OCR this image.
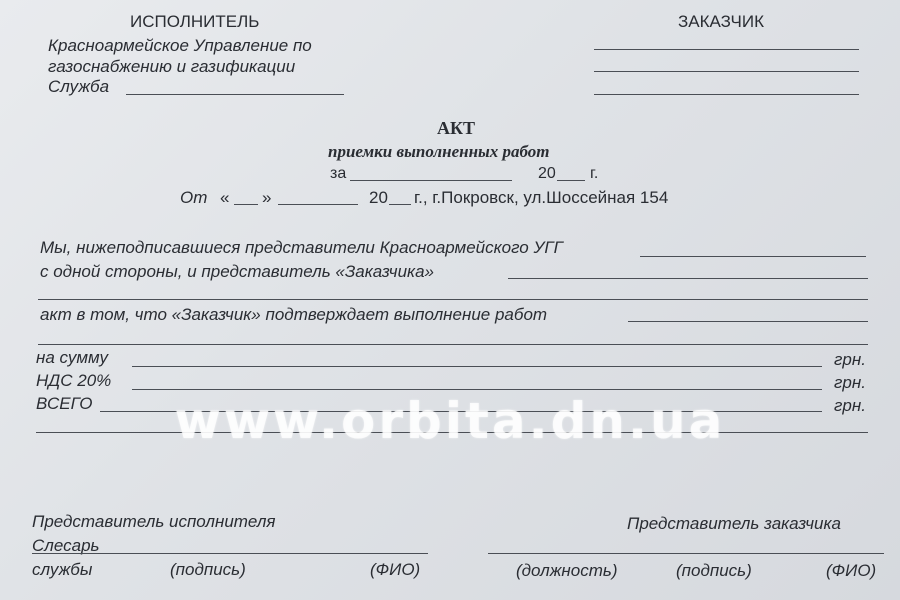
ИСПОЛНИТЕЛЬ
Красноармейское Управление по
газоснабжению и газификации
Служба
ЗАКАЗЧИК
АКТ
приемки выполненных работ
за	20 г.
От « »	20 г., г.Покровск, ул.Шоссейная 154
Мы, нижеподписавшиеся представители Красноармейского УГГ
с одной стороны, и представитель «Заказчика»
акт в том, что «Заказчик» подтверждает выполнение работ
на сумму	грн.
НДС 20%	грн.
ВСЕГО	грн.
www.orbita.dn.ua
Представитель исполнителя
Слесарь
службы	(подпись)	(ФИО)
Представитель заказчика
(должность)	(подпись)	(ФИО)
